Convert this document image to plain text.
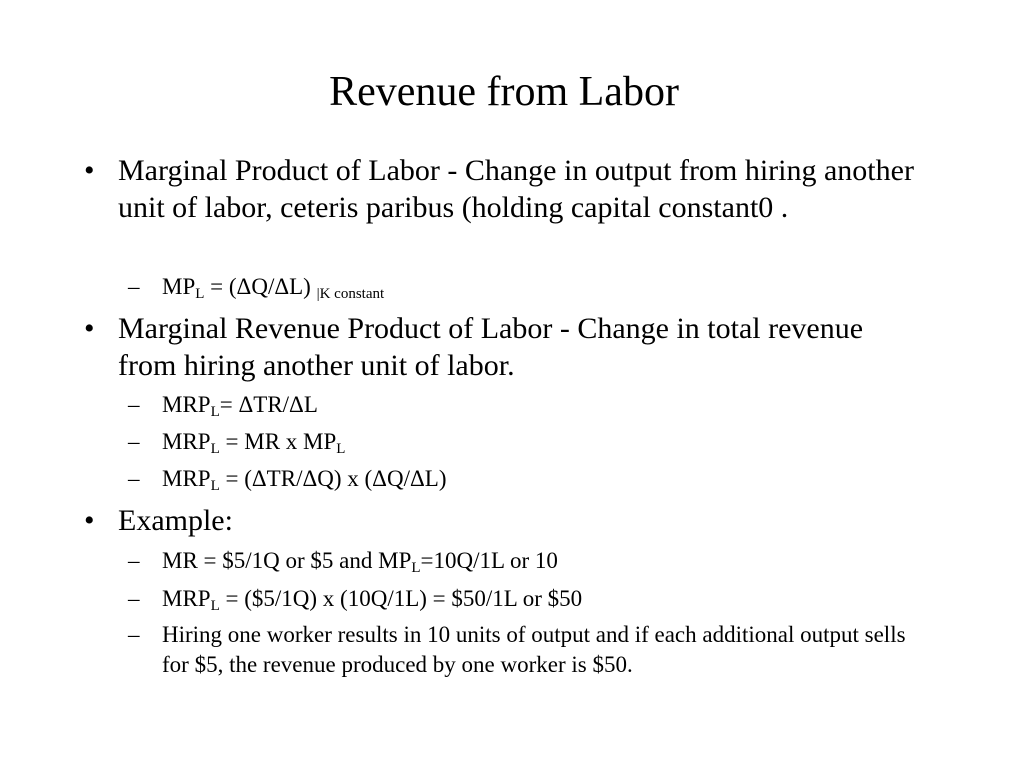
Revenue from Labor
• Marginal Product of Labor - Change in output from hiring another unit of labor, ceteris paribus (holding capital constant0 .
– $MP_L = (\Delta Q/\Delta L)$ $_{|K constant}$
• Marginal Revenue Product of Labor - Change in total revenue from hiring another unit of labor.
– $MRP_L= \Delta TR/\Delta L$
– $MRP_L$ = MR x $MP_L$
– $MRP_L = (\Delta TR/\Delta Q)$ x (ΔQ/ΔL)
• Example:
– MR = $5/1Q or $5 and $MP_L=10Q/1L$ or 10
– $MRP_L$ = ($5/1Q) x (10Q/1L) = $50/1L or $50
– Hiring one worker results in 10 units of output and if each additional output sells for $5, the revenue produced by one worker is $50.
